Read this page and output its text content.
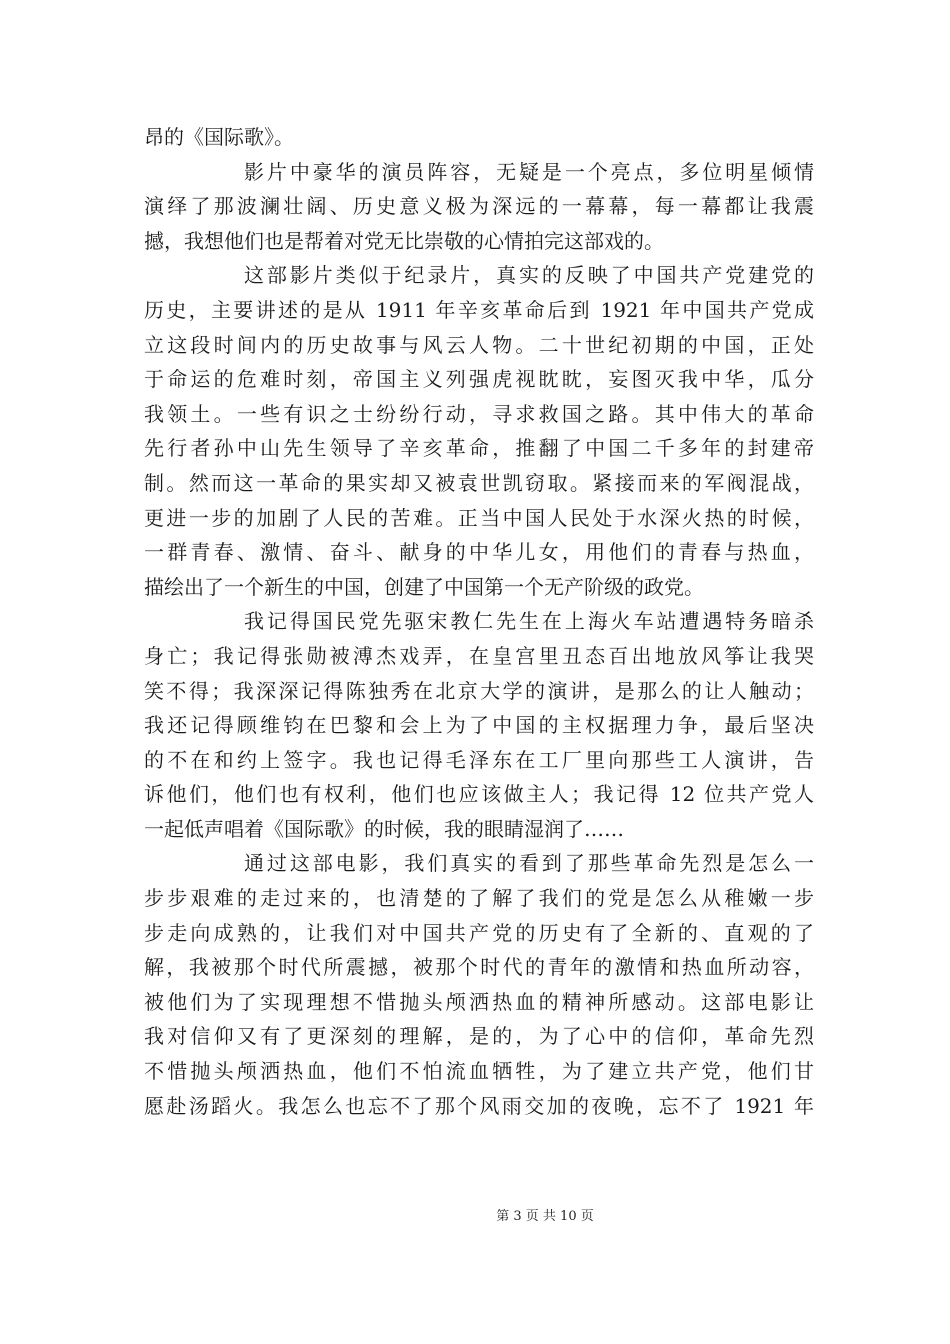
昂的《国际歌》。
影片中豪华的演员阵容，无疑是一个亮点，多位明星倾情
演绎了那波澜壮阔、历史意义极为深远的一幕幕，每一幕都让我震
撼，我想他们也是帮着对党无比崇敬的心情拍完这部戏的。
这部影片类似于纪录片，真实的反映了中国共产党建党的
历史，主要讲述的是从 1911 年辛亥革命后到 1921 年中国共产党成
立这段时间内的历史故事与风云人物。二十世纪初期的中国，正处
于命运的危难时刻，帝国主义列强虎视眈眈，妄图灭我中华，瓜分
我领土。一些有识之士纷纷行动，寻求救国之路。其中伟大的革命
先行者孙中山先生领导了辛亥革命，推翻了中国二千多年的封建帝
制。然而这一革命的果实却又被袁世凯窃取。紧接而来的军阀混战，
更进一步的加剧了人民的苦难。正当中国人民处于水深火热的时候，
一群青春、激情、奋斗、献身的中华儿女，用他们的青春与热血，
描绘出了一个新生的中国，创建了中国第一个无产阶级的政党。
我记得国民党先驱宋教仁先生在上海火车站遭遇特务暗杀
身亡；我记得张勋被溥杰戏弄，在皇宫里丑态百出地放风筝让我哭
笑不得；我深深记得陈独秀在北京大学的演讲，是那么的让人触动；
我还记得顾维钧在巴黎和会上为了中国的主权据理力争，最后坚决
的不在和约上签字。我也记得毛泽东在工厂里向那些工人演讲，告
诉他们，他们也有权利，他们也应该做主人；我记得 12 位共产党人
一起低声唱着《国际歌》的时候，我的眼睛湿润了……
通过这部电影，我们真实的看到了那些革命先烈是怎么一
步步艰难的走过来的，也清楚的了解了我们的党是怎么从稚嫩一步
步走向成熟的，让我们对中国共产党的历史有了全新的、直观的了
解，我被那个时代所震撼，被那个时代的青年的激情和热血所动容，
被他们为了实现理想不惜抛头颅洒热血的精神所感动。这部电影让
我对信仰又有了更深刻的理解，是的，为了心中的信仰，革命先烈
不惜抛头颅洒热血，他们不怕流血牺牲，为了建立共产党，他们甘
愿赴汤蹈火。我怎么也忘不了那个风雨交加的夜晚，忘不了 1921 年
第 3 页 共 10 页
